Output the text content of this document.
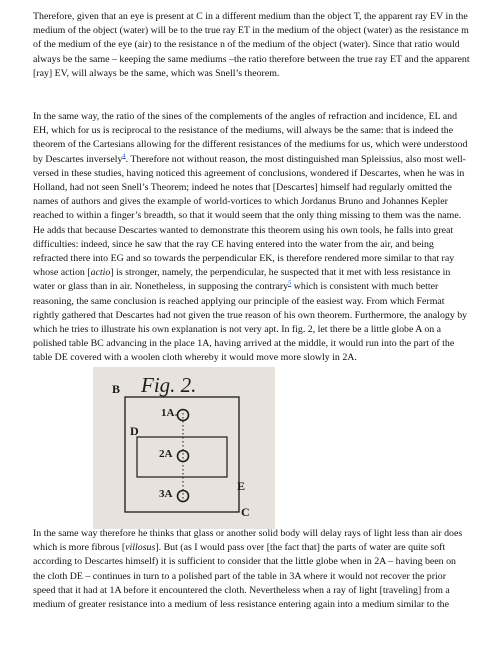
Therefore, given that an eye is present at C in a different medium than the object T, the apparent ray EV in the medium of the object (water) will be to the true ray ET in the medium of the object (water) as the resistance m of the medium of the eye (air) to the resistance n of the medium of the object (water). Since that ratio would always be the same – keeping the same mediums –the ratio therefore between the true ray ET and the apparent [ray] EV, will always be the same, which was Snell’s theorem.

In the same way, the ratio of the sines of the complements of the angles of refraction and incidence, EL and EH, which for us is reciprocal to the resistance of the mediums, will always be the same: that is indeed the theorem of the Cartesians allowing for the different resistances of the mediums for us, which were understood by Descartes inversely$^4$. Therefore not without reason, the most distinguished man Spleissius, also most well-versed in these studies, having noticed this agreement of conclusions, wondered if Descartes, when he was in Holland, had not seen Snell’s Theorem; indeed he notes that [Descartes] himself had regularly omitted the names of authors and gives the example of world-vortices to which Jordanus Bruno and Johannes Kepler reached to within a finger’s breadth, so that it would seem that the only thing missing to them was the name. He adds that because Descartes wanted to demonstrate this theorem using his own tools, he falls into great difficulties: indeed, since he saw that the ray CE having entered into the water from the air, and being refracted there into EG and so towards the perpendicular EK, is therefore rendered more similar to that ray whose action [actio] is stronger, namely, the perpendicular, he suspected that it met with less resistance in water or glass than in air. Nonetheless, in supposing the contrary$^5$ which is consistent with much better reasoning, the same conclusion is reached applying our principle of the easiest way. From which Fermat rightly gathered that Descartes had not given the true reason of his own theorem. Furthermore, the analogy by which he tries to illustrate his own explanation is not very apt. In fig. 2, let there be a little globe A on a polished table BC advancing in the place 1A, having arrived at the middle, it would run into the part of the table DE covered with a woolen cloth whereby it would move more slowly in 2A.

Fig. 2.
B
D
E
C
1A
2A
3A

In the same way therefore he thinks that glass or another solid body will delay rays of light less than air does which is more fibrous [villosus]. But (as I would pass over [the fact that] the parts of water are quite soft according to Descartes himself) it is sufficient to consider that the little globe when in 2A – having been on the cloth DE – continues in turn to a polished part of the table in 3A where it would not recover the prior speed that it had at 1A before it encountered the cloth. Nevertheless when a ray of light [traveling] from a medium of greater resistance into a medium of less resistance entering again into a medium similar to the
